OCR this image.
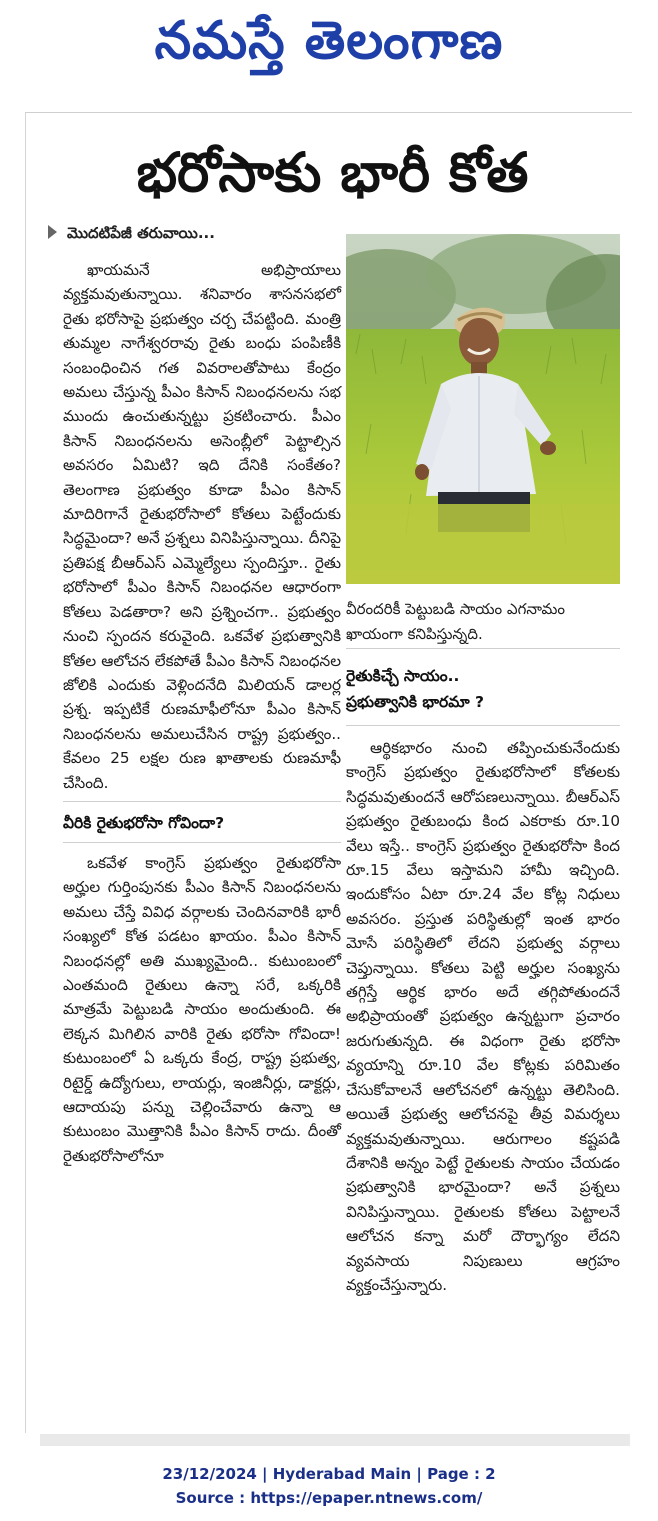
నమస్తే తెలంగాణ
భరోసాకు భారీ కోత
మొదటిపేజీ తరువాయి...

ఖాయమనే అభిప్రాయాలు వ్యక్తమవుతున్నాయి. శనివారం శాసనసభలో రైతు భరోసాపై ప్రభుత్వం చర్చ చేపట్టింది. మంత్రి తుమ్మల నాగేశ్వరరావు రైతు బంధు పంపిణీకి సంబంధించిన గత వివరాలతోపాటు కేంద్రం అమలు చేస్తున్న పీఎం కిసాన్ నిబంధనలను సభ ముందు ఉంచుతున్నట్టు ప్రకటించారు. పీఎం కిసాన్ నిబంధనలను అసెంబ్లీలో పెట్టాల్సిన అవసరం ఏమిటి? ఇది దేనికి సంకేతం? తెలంగాణ ప్రభుత్వం కూడా పీఎం కిసాన్ మాదిరిగానే రైతుభరోసాలో కోతలు పెట్టేందుకు సిద్ధమైందా? అనే ప్రశ్నలు వినిపిస్తున్నాయి. దీనిపై ప్రతిపక్ష బీఆర్ఎస్ ఎమ్మెల్యేలు స్పందిస్తూ.. రైతు భరోసాలో పీఎం కిసాన్ నిబంధనల ఆధారంగా కోతలు పెడతారా? అని ప్రశ్నించగా.. ప్రభుత్వం నుంచి స్పందన కరువైంది. ఒకవేళ ప్రభుత్వానికి కోతల ఆలోచన లేకపోతే పీఎం కిసాన్ నిబంధనల జోలికి ఎందుకు వెళ్లిందనేది మిలియన్ డాలర్ల ప్రశ్న. ఇప్పటికే రుణమాఫీలోనూ పీఎం కిసాన్ నిబంధనలను అమలుచేసిన రాష్ట్ర ప్రభుత్వం.. కేవలం 25 లక్షల రుణ ఖాతాలకు రుణమాఫీ చేసింది.

వీరికి రైతుభరోసా గోవిందా?

ఒకవేళ కాంగ్రెస్ ప్రభుత్వం రైతుభరోసా అర్హుల గుర్తింపునకు పీఎం కిసాన్ నిబంధనలను అమలు చేస్తే వివిధ వర్గాలకు చెందినవారికి భారీ సంఖ్యలో కోత పడటం ఖాయం. పీఎం కిసాన్ నిబంధనల్లో అతి ముఖ్యమైంది.. కుటుంబంలో ఎంతమంది రైతులు ఉన్నా సరే, ఒక్కరికి మాత్రమే పెట్టుబడి సాయం అందుతుంది. ఈ లెక్కన మిగిలిన వారికి రైతు భరోసా గోవిందా! కుటుంబంలో ఏ ఒక్కరు కేంద్ర, రాష్ట్ర ప్రభుత్వ, రిటైర్డ్ ఉద్యోగులు, లాయర్లు, ఇంజినీర్లు, డాక్టర్లు, ఆదాయపు పన్ను చెల్లించేవారు ఉన్నా ఆ కుటుంబం మొత్తానికి పీఎం కిసాన్ రాదు. దీంతో రైతుభరోసాలోనూ

వీరందరికీ పెట్టుబడి సాయం ఎగనామం ఖాయంగా కనిపిస్తున్నది.

రైతుకిచ్చే సాయం..

ప్రభుత్వానికి భారమా ?

ఆర్థికభారం నుంచి తప్పించుకునేందుకు కాంగ్రెస్ ప్రభుత్వం రైతుభరోసాలో కోతలకు సిద్ధమవుతుందనే ఆరోపణలున్నాయి. బీఆర్ఎస్ ప్రభుత్వం రైతుబంధు కింద ఎకరాకు రూ.10 వేలు ఇస్తే.. కాంగ్రెస్ ప్రభుత్వం రైతుభరోసా కింద రూ.15 వేలు ఇస్తామని హామీ ఇచ్చింది. ఇందుకోసం ఏటా రూ.24 వేల కోట్ల నిధులు అవసరం. ప్రస్తుత పరిస్థితుల్లో ఇంత భారం మోసే పరిస్థితిలో లేదని ప్రభుత్వ వర్గాలు చెప్తున్నాయి. కోతలు పెట్టి అర్హుల సంఖ్యను తగ్గిస్తే ఆర్థిక భారం అదే తగ్గిపోతుందనే అభిప్రాయంతో ప్రభుత్వం ఉన్నట్టుగా ప్రచారం జరుగుతున్నది. ఈ విధంగా రైతు భరోసా వ్యయాన్ని రూ.10 వేల కోట్లకు పరిమితం చేసుకోవాలనే ఆలోచనలో ఉన్నట్టు తెలిసింది. అయితే ప్రభుత్వ ఆలోచనపై తీవ్ర విమర్శలు వ్యక్తమవుతున్నాయి. ఆరుగాలం కష్టపడి దేశానికి అన్నం పెట్టే రైతులకు సాయం చేయడం ప్రభుత్వానికి భారమైందా? అనే ప్రశ్నలు వినిపిస్తున్నాయి. రైతులకు కోతలు పెట్టాలనే ఆలోచన కన్నా మరో దౌర్భాగ్యం లేదని వ్యవసాయ నిపుణులు ఆగ్రహం వ్యక్తంచేస్తున్నారు.

23/12/2024 | Hyderabad Main | Page : 2
Source : https://epaper.ntnews.com/
